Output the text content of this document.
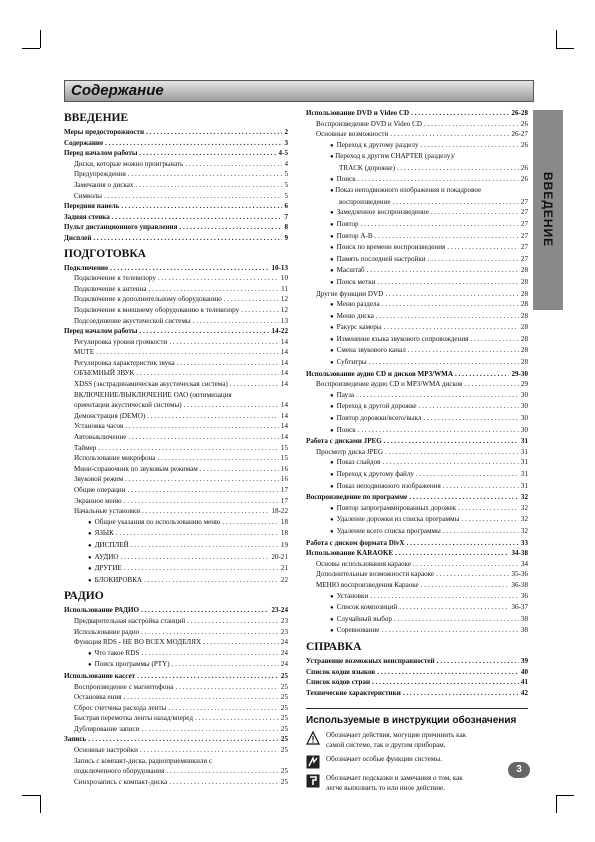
Содержание
ВВЕДЕНИЕ
ВВЕДЕНИЕ
Меры предосторожности . . .	2
Содержание . . .	3
Перед началом работы . . .	4-5
Диски, которые можно проигрывать . . .	4
Предупреждения . . .	5
Замечания о дисках . . .	5
Символы . . .	5
Передняя панель . . .	6
Задняя стенка . . .	7
Пульт дистанционного управления . . .	8
Дисплей . . .	9
ПОДГОТОВКА
Подключение . . .	10-13
Подключение к телевизору . . .	10
Подключение к антенна . . .	11
Подключение к дополнительному оборудованию . . .	12
Подключение к внешнему оборудованию к телевизору . . .	12
Подсоединение акустической системы . . .	13
Перед началом работы . . .	14-22
Регулировка уровня громкости . . .	14
MUTE . . .	14
Регулировка характеристик звука . . .	14
ОБЪЕМНЫЙ ЗВУК . . .	14
XDSS (экстрадинамическая акустическая система) . . .	14
ВКЛЮЧЕНИЕ/ВЫКЛЮЧЕНИЕ ОАО (оптимизация
ориентации акустической системы) . . .	14
Демонстрация (DEMO) . . .	14
Установка часов . . .	14
Автовыключение . . .	14
Таймер . . .	15
Использование микрофона . . .	15
Мини-справочник по звуковым режимам . . .	16
Звуковой режим . . .	16
Общие операции . . .	17
Экранное меню . . .	17
Начальные установки . . .	18-22
● Общие указания по использованию меню . . .	18
● ЯЗЫК . . .	18
● ДИСПЛЕЙ . . .	19
● АУДИО . . .	20-21
● ДРУГИЕ . . .	21
● БЛОКИРОВКА . . .	22
РАДИО
Использование РАДИО . . .	23-24
Предварительная настройка станций . . .	23
Использование радио . . .	23
Функция RDS - НЕ ВО ВСЕХ МОДЕЛЯХ . . .	24
● Что такое RDS . . .	24
● Поиск программы (PTY) . . .	24
Использование кассет . . .	25
Воспроизведение с магнитофона . . .	25
Остановка ения . . .	25
Сброс счетчика расхода ленты . . .	25
Быстрая перемотка ленты назад/вперед . . .	25
Дублирование записи . . .	25
Запись . . .	25
Основные настройки . . .	25
Запись с компакт-диска, радиоприемникили с
подключенного оборудования . . .	25
Синхрозапись с компакт-диска . . .	25
Использование DVD и Video CD . . .	26-28
Воспроизведение DVD и Video CD . . .	26
Основные возможности . . .	26-27
● Переход к другому разделу . . .	26
● Переход к другим CHAPTER (разделу)/
TRACK (дорожке) . . .	26
● Поиск . . .	26
● Показ неподвижного изображения и покадровое
воспроизведение . . .	27
● Замедленное воспроизведение . . .	27
● Повтор . . .	27
● Повтор A-B . . .	27
● Поиск по времени воспроизведения . . .	27
● Память последней настройки . . .	27
● Масштаб . . .	28
● Поиск метки . . .	28
Другие функции DVD . . .	28
● Меню раздела . . .	28
● Меню диска . . .	28
● Ракурс камеры . . .	28
● Изменение языка звукового сопровождения . . .	28
● Смена звукового канал . . .	28
● Субтитры . . .	28
Использование аудио CD и дисков MP3/WMA . . .	29-30
Воспроизведение аудио CD и MP3/WMA дисков . . .	29
● Пауза . . .	30
● Переход к другой дорожке . . .	30
● Повтор дорожки/всего/выкл . . .	30
● Поиск . . .	30
Работа с дисками JPEG . . .	31
Просмотр диска JPEG . . .	31
● Показ слайдов . . .	31
● Переход к другому файлу . . .	31
● Показ неподвижного изображения . . .	31
Воспроизведение по программе . . .	32
● Повтор запрограммированных дорожек . . .	32
● Удаление дорожки из списка программы . . .	32
● Удаление всего списка программы . . .	32
Работа с диском формата DivX . . .	33
Использование KARAOKE . . .	34-38
Основы использования караоке . . .	34
Дополнительные возможности караоке . . .	35-36
МЕНЮ воспроизведения Караоке . . .	36-38
● Установки . . .	36
● Список композиций . . .	36-37
● Случайный выбор . . .	38
● Соревнование . . .	38
СПРАВКА
Устранение возможных неисправностей . . .	39
Список кодов языков . . .	40
Список кодов стран . . .	41
Технические характеристики . . .	42
Используемые в инструкции обозначения
Обозначает действия, могущие причинить как
самой системе, так и другим приборам.
Обозначает особые функции системы.
Обозначает подсказки и замечания о том, как
легче выполнить то или иное действие.
3
